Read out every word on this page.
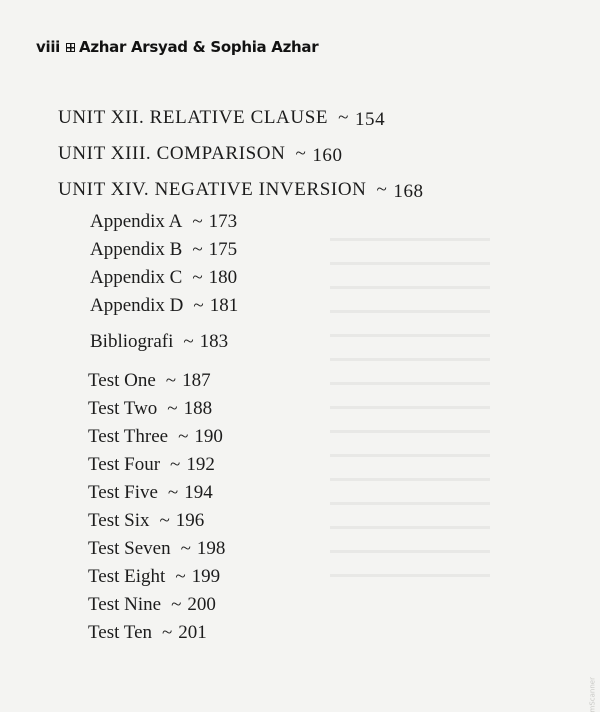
viii Azhar Arsyad & Sophia Azhar
UNIT XII. RELATIVE CLAUSE ~ 154
UNIT XIII. COMPARISON ~ 160
UNIT XIV. NEGATIVE INVERSION ~ 168
Appendix A ~ 173
Appendix B ~ 175
Appendix C ~ 180
Appendix D ~ 181
Bibliografi ~ 183
Test One ~ 187
Test Two ~ 188
Test Three ~ 190
Test Four ~ 192
Test Five ~ 194
Test Six ~ 196
Test Seven ~ 198
Test Eight ~ 199
Test Nine ~ 200
Test Ten ~ 201
mScanner
